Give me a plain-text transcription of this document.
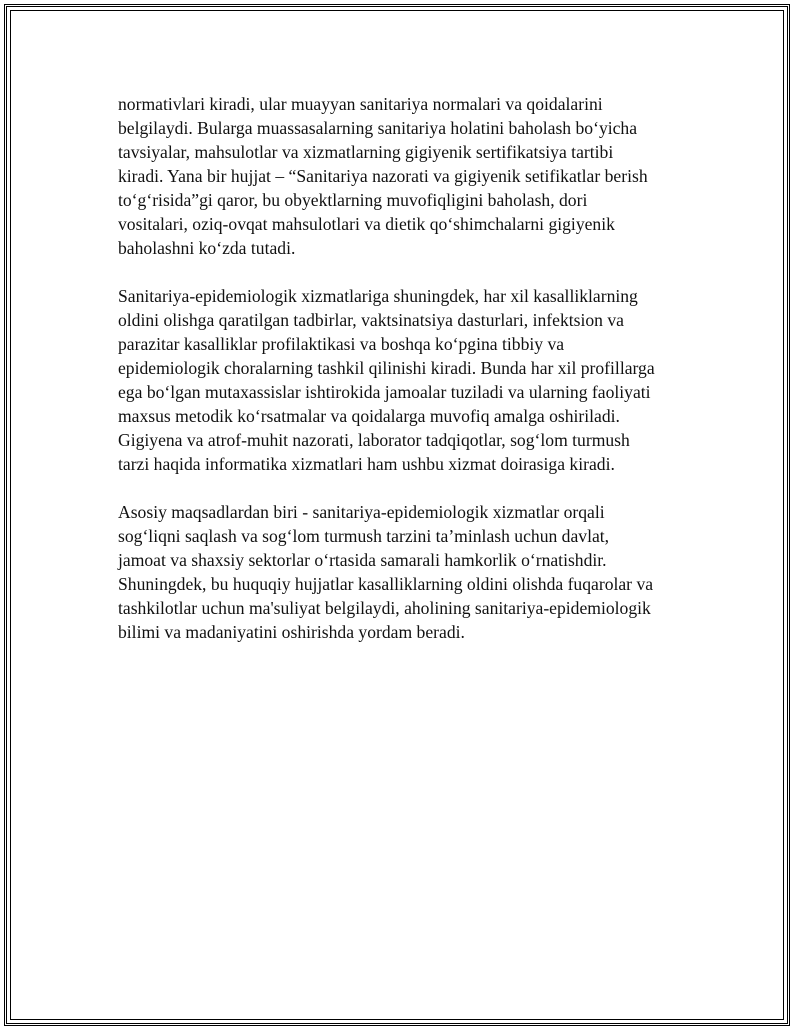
normativlari kiradi, ular muayyan sanitariya normalari va qoidalarini
belgilaydi. Bularga muassasalarning sanitariya holatini baholash bo‘yicha
tavsiyalar, mahsulotlar va xizmatlarning gigiyenik sertifikatsiya tartibi
kiradi. Yana bir hujjat – “Sanitariya nazorati va gigiyenik setifikatlar berish
to‘g‘risida”gi qaror, bu obyektlarning muvofiqligini baholash, dori
vositalari, oziq-ovqat mahsulotlari va dietik qo‘shimchalarni gigiyenik
baholashni ko‘zda tutadi.

Sanitariya-epidemiologik xizmatlariga shuningdek, har xil kasalliklarning
oldini olishga qaratilgan tadbirlar, vaktsinatsiya dasturlari, infektsion va
parazitar kasalliklar profilaktikasi va boshqa ko‘pgina tibbiy va
epidemiologik choralarning tashkil qilinishi kiradi. Bunda har xil profillarga
ega bo‘lgan mutaxassislar ishtirokida jamoalar tuziladi va ularning faoliyati
maxsus metodik ko‘rsatmalar va qoidalarga muvofiq amalga oshiriladi.
Gigiyena va atrof-muhit nazorati, laborator tadqiqotlar, sog‘lom turmush
tarzi haqida informatika xizmatlari ham ushbu xizmat doirasiga kiradi.

Asosiy maqsadlardan biri - sanitariya-epidemiologik xizmatlar orqali
sog‘liqni saqlash va sog‘lom turmush tarzini ta’minlash uchun davlat,
jamoat va shaxsiy sektorlar o‘rtasida samarali hamkorlik o‘rnatishdir.
Shuningdek, bu huquqiy hujjatlar kasalliklarning oldini olishda fuqarolar va
tashkilotlar uchun ma'suliyat belgilaydi, aholining sanitariya-epidemiologik
bilimi va madaniyatini oshirishda yordam beradi.
